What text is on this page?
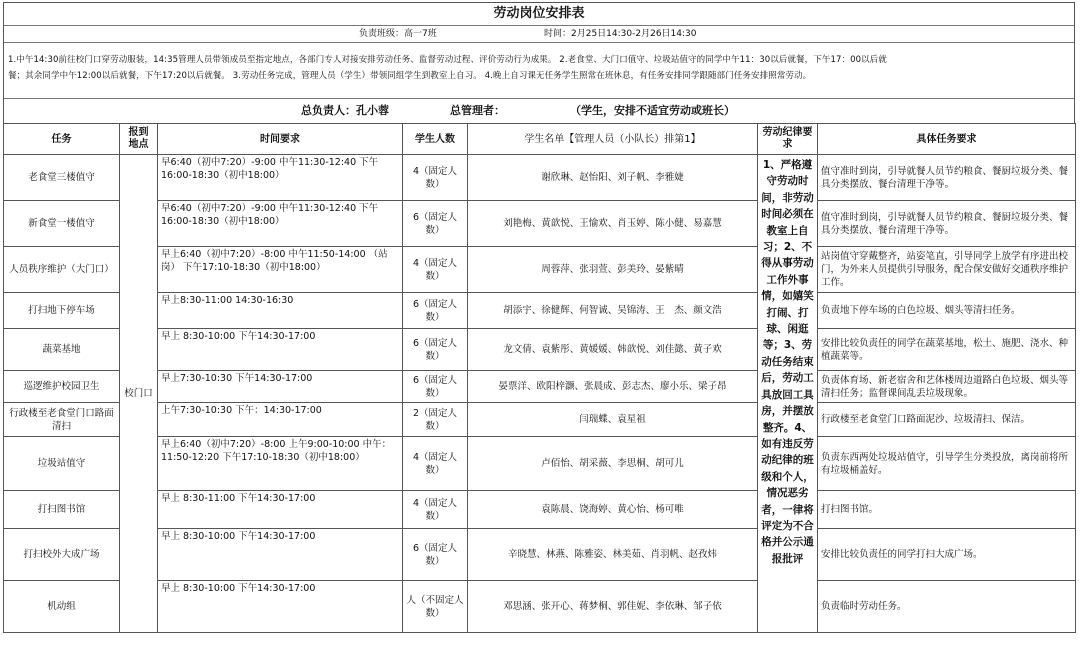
劳动岗位安排表
负责班级：高一7班	时间：2月25日14:30-2月26日14:30
1.中午14:30前往校门口穿劳动服装，14:35管理人员带领成员至指定地点，各部门专人对接安排劳动任务、监督劳动过程、评价劳动行为成果。 2.老食堂、大门口值守、垃圾站值守的同学中午11：30以后就餐，下午17：00以后就
餐；其余同学中午12:00以后就餐，下午17:20以后就餐。 3.劳动任务完成，管理人员（学生）带领同组学生到教室上自习。 4.晚上自习课无任务学生照常在班休息，有任务安排同学跟随部门任务安排照常劳动。
总负责人：孔小蓉	总管理者：	（学生，安排不适宜劳动或班长）
任务	报到地点	时间要求	学生人数	学生名单【管理人员（小队长）排第1】	劳动纪律要求	具体任务要求
老食堂三楼值守	校门口	早6:40（初中7:20）-9:00 中午11:30-12:40 下午16:00-18:30（初中18:00）	4（固定人数）	谢欣琳、赵怡阳、刘子帆、李雅婕	1、严格遵守劳动时间，非劳动时间必须在教室上自习；2、不得从事劳动工作外事情，如嬉笑打闹、打球、闲逛等；3、劳动任务结束后，劳动工具放回工具房，并摆放整齐。4、如有违反劳动纪律的班级和个人，情况恶劣者，一律将评定为不合格并公示通报批评	值守准时到岗，引导就餐人员节约粮食、餐厨垃圾分类、餐具分类摆放、餐台清理干净等。
新食堂一楼值守		早6:40（初中7:20）-9:00 中午11:30-12:40 下午16:00-18:30（初中18:00）	6（固定人数）	刘艳梅、黄歆悦、王愉欢、肖玉婷、陈小健、易嘉慧		值守准时到岗，引导就餐人员节约粮食、餐厨垃圾分类、餐具分类摆放、餐台清理干净等。
人员秩序维护（大门口）		早上6:40（初中7:20）-8:00 中午11:50-14:00 （站岗） 下午17:10-18:30（初中18:00）	4（固定人数）	周蓉萍、张羽萱、彭美玲、晏紫晴		站岗值守穿戴整齐，站姿笔直，引导同学上放学有序进出校门，为外来人员提供引导服务，配合保安做好交通秩序维护工作。
打扫地下停车场		早上8:30-11:00 14:30-16:30	6（固定人数）	胡添宇、徐健辉、何智诚、吴锦涛、王　杰、颜文浩		负责地下停车场的白色垃圾、烟头等清扫任务。
蔬菜基地		早上 8:30-10:00 下午14:30-17:00	6（固定人数）	龙文倩、袁紫彤、黄媛媛、韩歆悦、刘佳懿、黄子欢		安排比较负责任的同学在蔬菜基地，松土、施肥、浇水、种植蔬菜等。
巡逻维护校园卫生		早上7:30-10:30 下午14:30-17:00	6（固定人数）	晏票洋、欧阳梓灏、张晨成、彭志杰、廖小乐、梁子昂		负责体育场、新老宿舍和艺体楼周边道路白色垃圾、烟头等清扫任务；监督课间乱丢垃圾现象。
行政楼至老食堂门口路面清扫		上午7:30-10:30 下午：14:30-17:00	2（固定人数）	闫瑞蝶、袁星祖		行政楼至老食堂门口路面泥沙、垃圾清扫、保洁。
垃圾站值守		早上6:40（初中7:20）-8:00 上午9:00-10:00 中午：11:50-12:20 下午17:10-18:30（初中18:00）	4（固定人数）	卢佰怡、胡采薇、李思桐、胡可儿		负责东西两处垃圾站值守，引导学生分类投放，离岗前将所有垃圾桶盖好。
打扫图书馆		早上 8:30-11:00 下午14:30-17:00	4（固定人数）	袁陈晨、饶海婷、黄心怡、杨可唯		打扫图书馆。
打扫校外大成广场		早上 8:30-10:00 下午14:30-17:00	6（固定人数）	辛晓慧、林燕、陈雅姿、林美茹、肖羽帆、赵孜炜		安排比较负责任的同学打扫大成广场。
机动组		早上 8:30-10:00 下午14:30-17:00	人（不固定人数）	邓思涵、张开心、蒋梦桐、郭佳妮、李依琳、邹子依		负责临时劳动任务。
